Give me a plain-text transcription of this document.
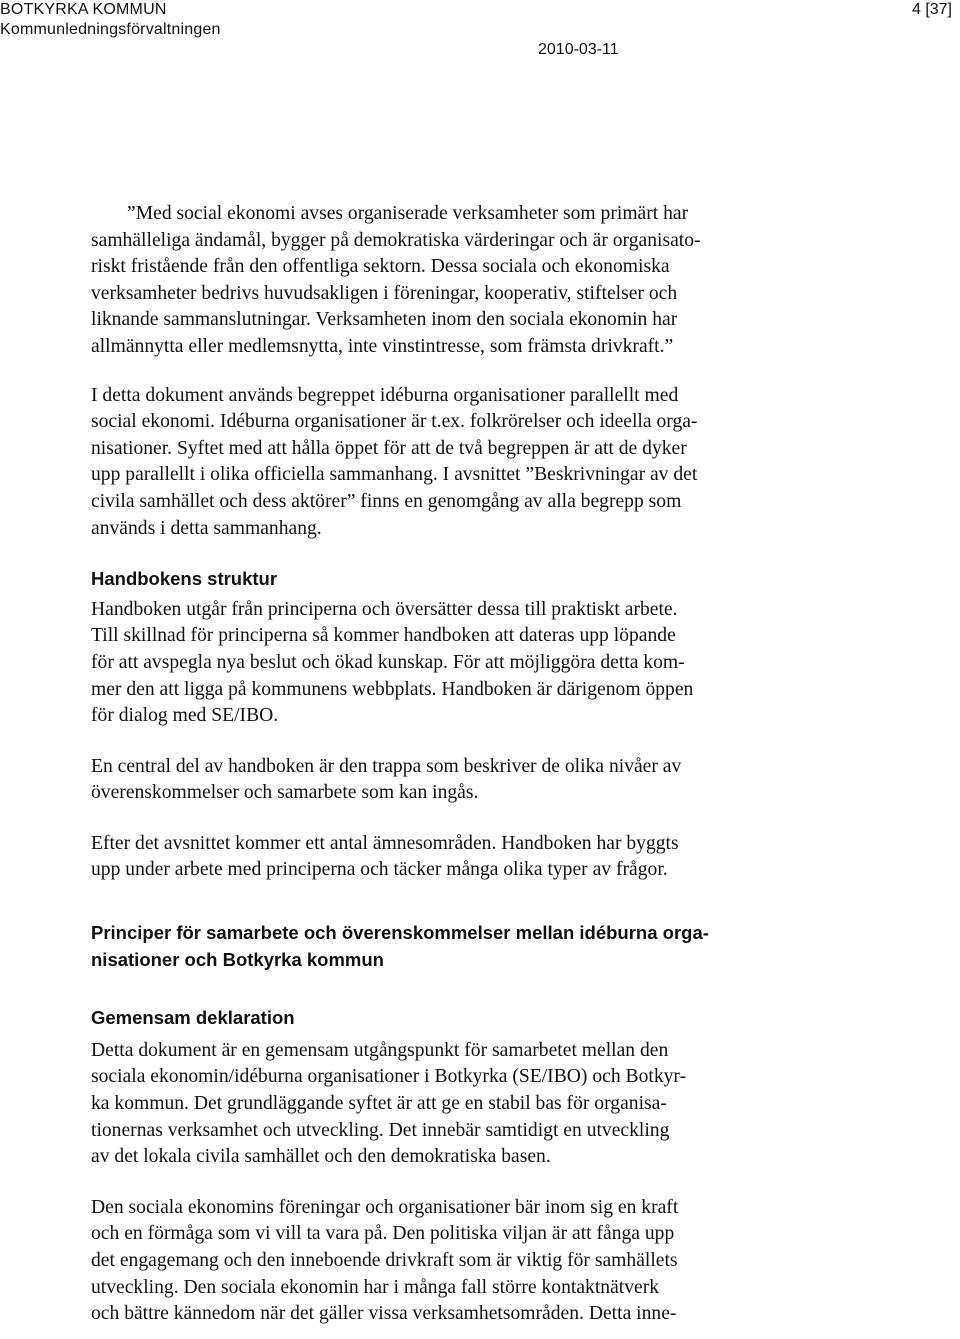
BOTKYRKA KOMMUN
Kommunledningsförvaltningen
4 [37]
2010-03-11

”Med social ekonomi avses organiserade verksamheter som primärt har
samhälleliga ändamål, bygger på demokratiska värderingar och är organisato-
riskt fristående från den offentliga sektorn. Dessa sociala och ekonomiska
verksamheter bedrivs huvudsakligen i föreningar, kooperativ, stiftelser och
liknande sammanslutningar. Verksamheten inom den sociala ekonomin har
allmännytta eller medlemsnytta, inte vinstintresse, som främsta drivkraft.”

I detta dokument används begreppet idéburna organisationer parallellt med
social ekonomi. Idéburna organisationer är t.ex. folkrörelser och ideella orga-
nisationer. Syftet med att hålla öppet för att de två begreppen är att de dyker
upp parallellt i olika officiella sammanhang. I avsnittet ”Beskrivningar av det
civila samhället och dess aktörer” finns en genomgång av alla begrepp som
används i detta sammanhang.

Handbokens struktur

Handboken utgår från principerna och översätter dessa till praktiskt arbete.
Till skillnad för principerna så kommer handboken att dateras upp löpande
för att avspegla nya beslut och ökad kunskap. För att möjliggöra detta kom-
mer den att ligga på kommunens webbplats. Handboken är därigenom öppen
för dialog med SE/IBO.

En central del av handboken är den trappa som beskriver de olika nivåer av
överenskommelser och samarbete som kan ingås.

Efter det avsnittet kommer ett antal ämnesområden. Handboken har byggts
upp under arbete med principerna och täcker många olika typer av frågor.

Principer för samarbete och överenskommelser mellan idéburna orga-
nisationer och Botkyrka kommun
Gemensam deklaration

Detta dokument är en gemensam utgångspunkt för samarbetet mellan den
sociala ekonomin/idéburna organisationer i Botkyrka (SE/IBO) och Botkyr-
ka kommun. Det grundläggande syftet är att ge en stabil bas för organisa-
tionernas verksamhet och utveckling. Det innebär samtidigt en utveckling
av det lokala civila samhället och den demokratiska basen.

Den sociala ekonomins föreningar och organisationer bär inom sig en kraft
och en förmåga som vi vill ta vara på. Den politiska viljan är att fånga upp
det engagemang och den inneboende drivkraft som är viktig för samhällets
utveckling. Den sociala ekonomin har i många fall större kontaktnätverk
och bättre kännedom när det gäller vissa verksamhetsområden. Detta inne-
